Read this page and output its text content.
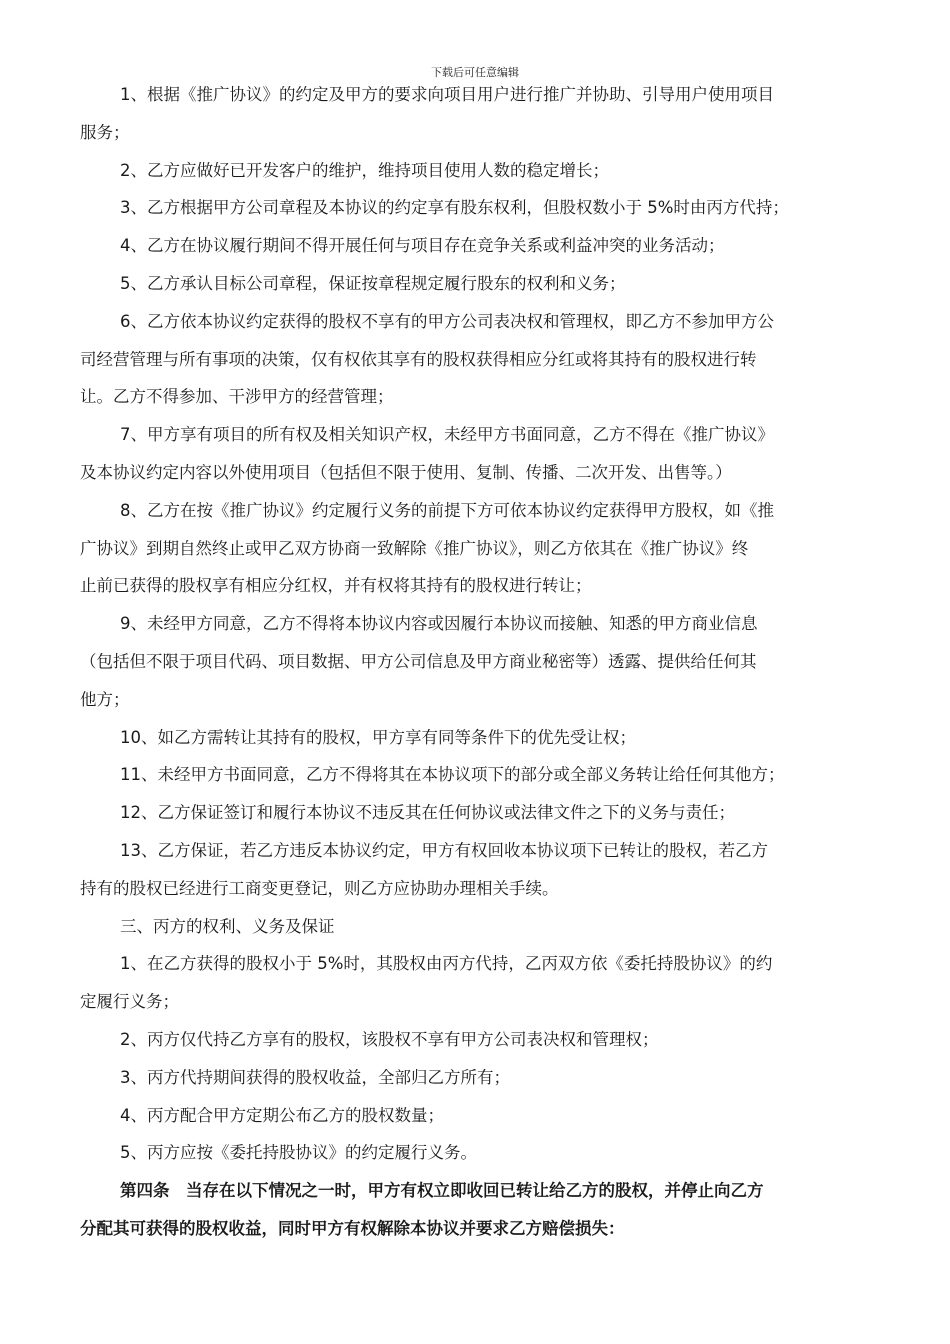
下载后可任意编辑
1、根据《推广协议》的约定及甲方的要求向项目用户进行推广并协助、引导用户使用项目
服务；
2、乙方应做好已开发客户的维护，维持项目使用人数的稳定增长；
3、乙方根据甲方公司章程及本协议的约定享有股东权利，但股权数小于 5%时由丙方代持；
4、乙方在协议履行期间不得开展任何与项目存在竞争关系或利益冲突的业务活动；
5、乙方承认目标公司章程，保证按章程规定履行股东的权利和义务；
6、乙方依本协议约定获得的股权不享有的甲方公司表决权和管理权，即乙方不参加甲方公
司经营管理与所有事项的决策，仅有权依其享有的股权获得相应分红或将其持有的股权进行转
让。乙方不得参加、干涉甲方的经营管理；
7、甲方享有项目的所有权及相关知识产权，未经甲方书面同意，乙方不得在《推广协议》
及本协议约定内容以外使用项目（包括但不限于使用、复制、传播、二次开发、出售等。）
8、乙方在按《推广协议》约定履行义务的前提下方可依本协议约定获得甲方股权，如《推
广协议》到期自然终止或甲乙双方协商一致解除《推广协议》，则乙方依其在《推广协议》终
止前已获得的股权享有相应分红权，并有权将其持有的股权进行转让；
9、未经甲方同意，乙方不得将本协议内容或因履行本协议而接触、知悉的甲方商业信息
（包括但不限于项目代码、项目数据、甲方公司信息及甲方商业秘密等）透露、提供给任何其
他方；
10、如乙方需转让其持有的股权，甲方享有同等条件下的优先受让权；
11、未经甲方书面同意，乙方不得将其在本协议项下的部分或全部义务转让给任何其他方；
12、乙方保证签订和履行本协议不违反其在任何协议或法律文件之下的义务与责任；
13、乙方保证，若乙方违反本协议约定，甲方有权回收本协议项下已转让的股权，若乙方
持有的股权已经进行工商变更登记，则乙方应协助办理相关手续。
三、丙方的权利、义务及保证
1、在乙方获得的股权小于 5%时，其股权由丙方代持，乙丙双方依《委托持股协议》的约
定履行义务；
2、丙方仅代持乙方享有的股权，该股权不享有甲方公司表决权和管理权；
3、丙方代持期间获得的股权收益，全部归乙方所有；
4、丙方配合甲方定期公布乙方的股权数量；
5、丙方应按《委托持股协议》的约定履行义务。
第四条　当存在以下情况之一时，甲方有权立即收回已转让给乙方的股权，并停止向乙方
分配其可获得的股权收益，同时甲方有权解除本协议并要求乙方赔偿损失：
